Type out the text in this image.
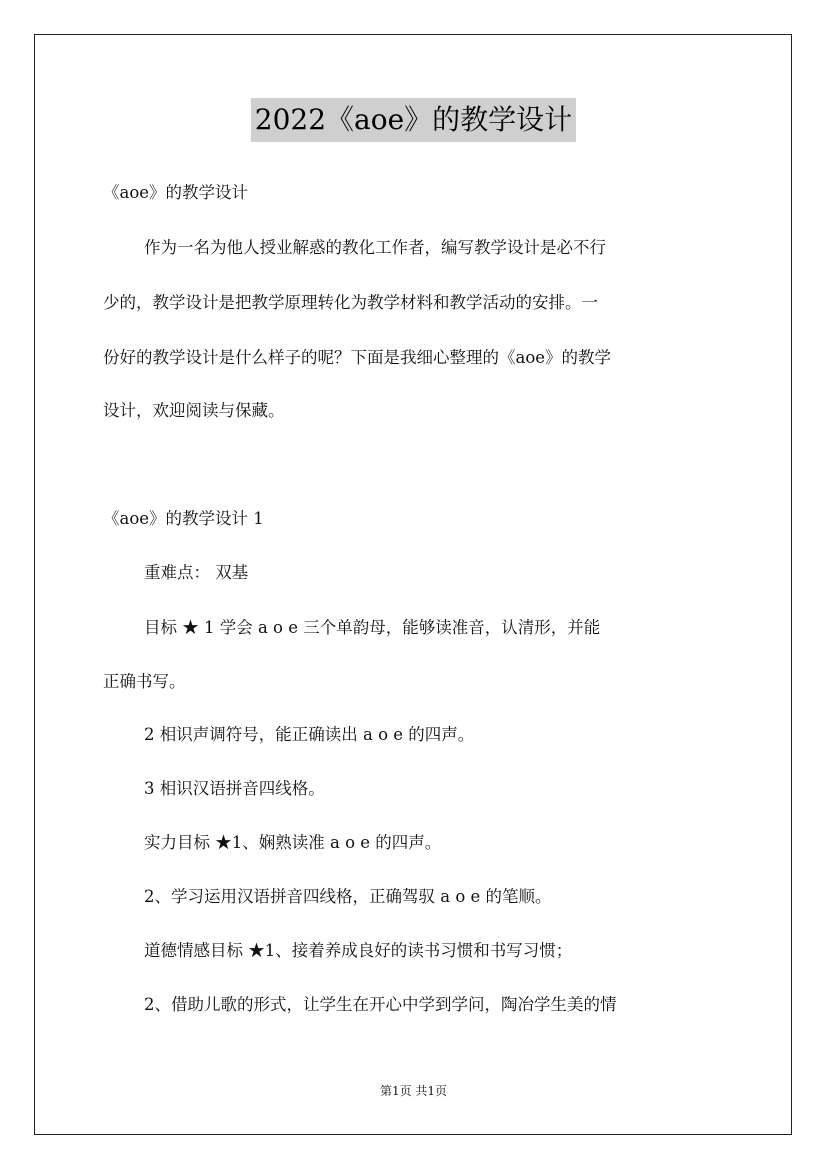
2022《aoe》的教学设计
《aoe》的教学设计
作为一名为他人授业解惑的教化工作者，编写教学设计是必不行
少的，教学设计是把教学原理转化为教学材料和教学活动的安排。一
份好的教学设计是什么样子的呢？下面是我细心整理的《aoe》的教学
设计，欢迎阅读与保藏。
《aoe》的教学设计 1
重难点： 双基
目标 ★ 1 学会 a o e 三个单韵母，能够读准音，认清形，并能
正确书写。
2 相识声调符号，能正确读出 a o e 的四声。
3 相识汉语拼音四线格。
实力目标 ★1、娴熟读准 a o e 的四声。
2、学习运用汉语拼音四线格，正确驾驭 a o e 的笔顺。
道德情感目标 ★1、接着养成良好的读书习惯和书写习惯；
2、借助儿歌的形式，让学生在开心中学到学问，陶冶学生美的情
第1页 共1页
